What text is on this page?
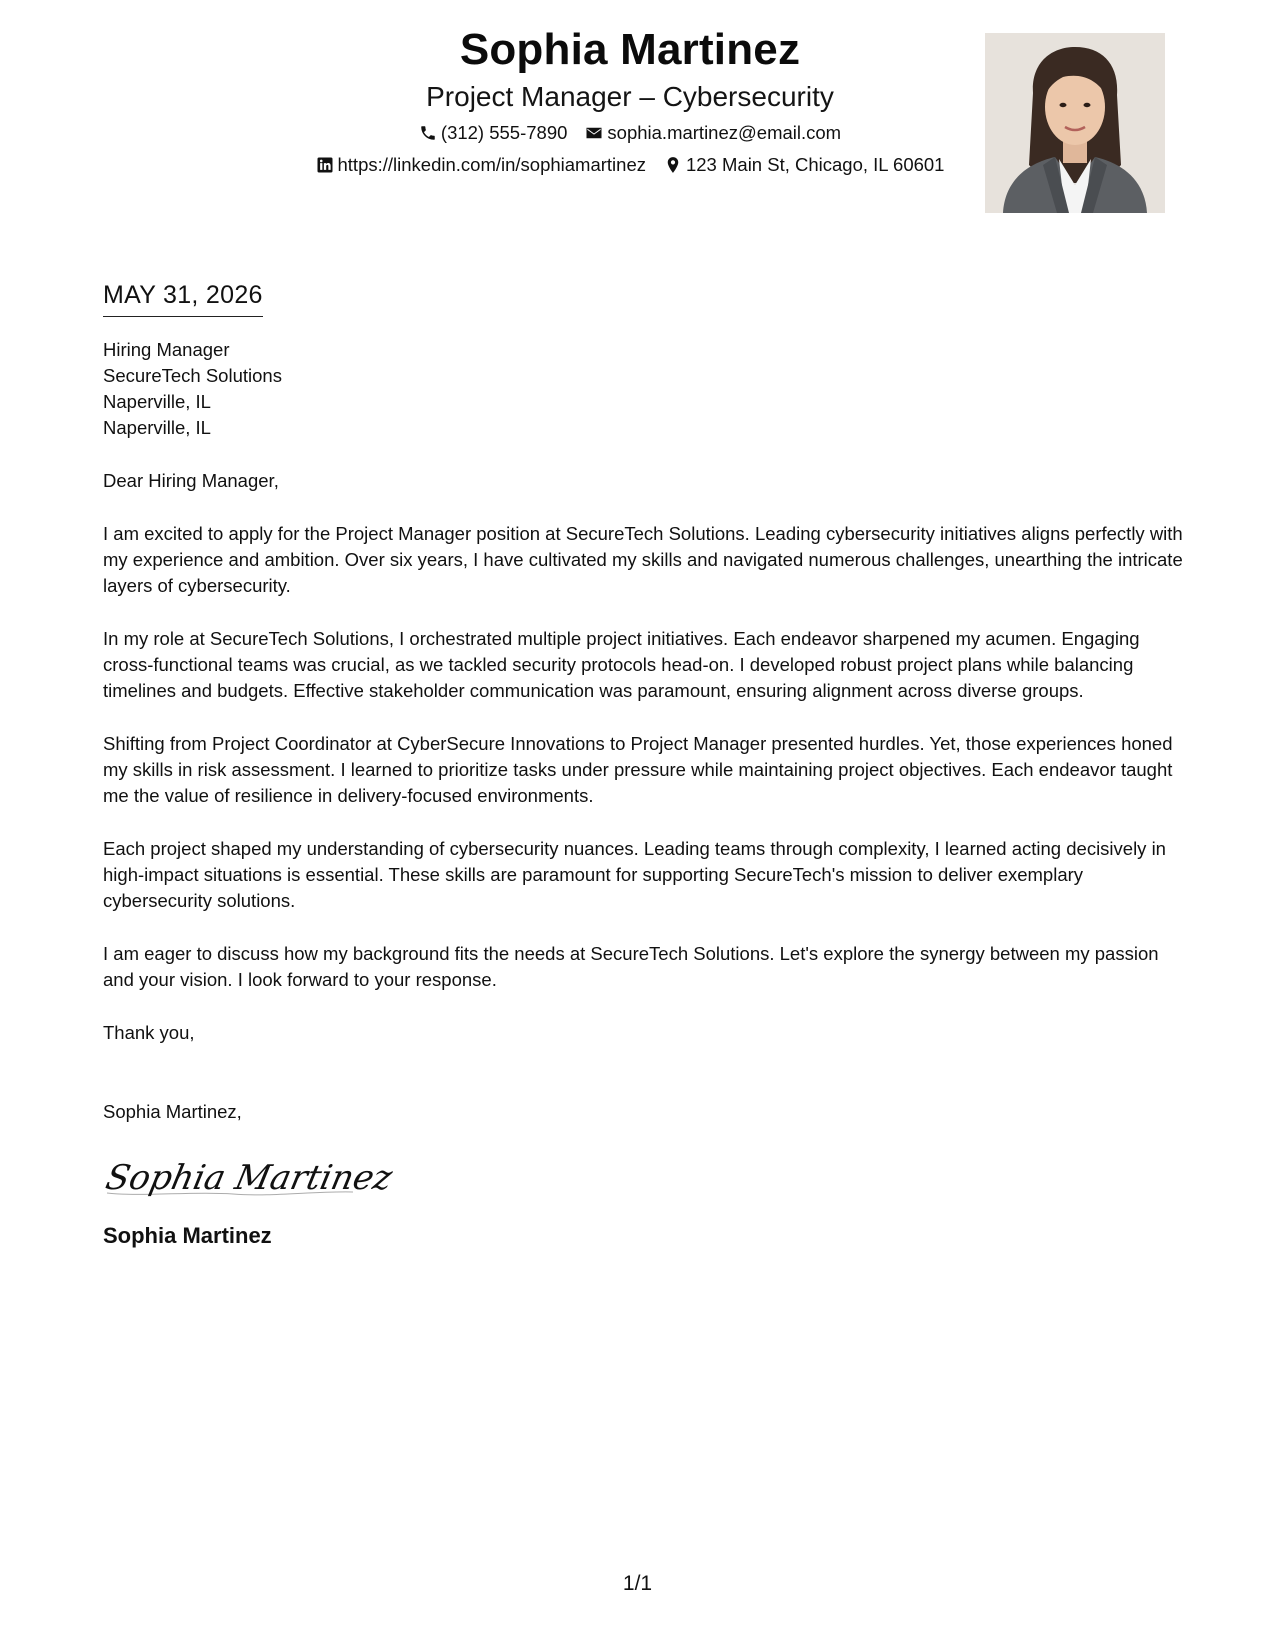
Sophia Martinez
Project Manager – Cybersecurity
(312) 555-7890 sophia.martinez@email.com
https://linkedin.com/in/sophiamartinez 123 Main St, Chicago, IL 60601
MAY 31, 2026
Hiring Manager
SecureTech Solutions
Naperville, IL
Naperville, IL
Dear Hiring Manager,
I am excited to apply for the Project Manager position at SecureTech Solutions. Leading cybersecurity initiatives aligns perfectly with my experience and ambition. Over six years, I have cultivated my skills and navigated numerous challenges, unearthing the intricate layers of cybersecurity.
In my role at SecureTech Solutions, I orchestrated multiple project initiatives. Each endeavor sharpened my acumen. Engaging cross-functional teams was crucial, as we tackled security protocols head-on. I developed robust project plans while balancing timelines and budgets. Effective stakeholder communication was paramount, ensuring alignment across diverse groups.
Shifting from Project Coordinator at CyberSecure Innovations to Project Manager presented hurdles. Yet, those experiences honed my skills in risk assessment. I learned to prioritize tasks under pressure while maintaining project objectives. Each endeavor taught me the value of resilience in delivery-focused environments.
Each project shaped my understanding of cybersecurity nuances. Leading teams through complexity, I learned acting decisively in high-impact situations is essential. These skills are paramount for supporting SecureTech's mission to deliver exemplary cybersecurity solutions.
I am eager to discuss how my background fits the needs at SecureTech Solutions. Let's explore the synergy between my passion and your vision. I look forward to your response.
Thank you,
Sophia Martinez,
Sophia Martinez
Sophia Martinez
1/1
